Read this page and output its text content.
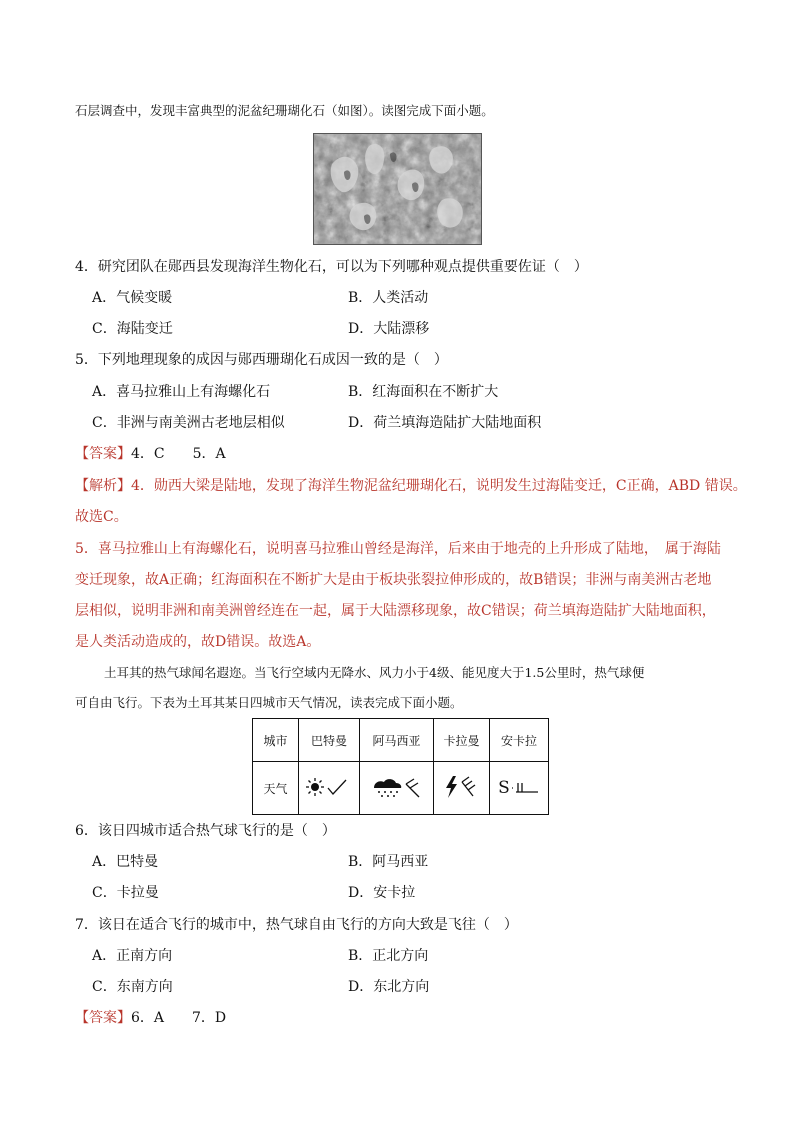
石层调查中，发现丰富典型的泥盆纪珊瑚化石（如图）。读图完成下面小题。
4．研究团队在郧西县发现海洋生物化石，可以为下列哪种观点提供重要佐证（　）
A．气候变暖	B．人类活动
C．海陆变迁	D．大陆漂移
5．下列地理现象的成因与郧西珊瑚化石成因一致的是（　）
A．喜马拉雅山上有海螺化石	B．红海面积在不断扩大
C．非洲与南美洲古老地层相似	D．荷兰填海造陆扩大陆地面积
【答案】4．C　　5．A
【解析】4．勋西大梁是陆地，发现了海洋生物泥盆纪珊瑚化石，说明发生过海陆变迁，C正确，ABD 错误。
故选C。
5．喜马拉雅山上有海螺化石，说明喜马拉雅山曾经是海洋，后来由于地壳的上升形成了陆地，　属于海陆
变迁现象，故A正确；红海面积在不断扩大是由于板块张裂拉伸形成的，故B错误；非洲与南美洲古老地
层相似，说明非洲和南美洲曾经连在一起，属于大陆漂移现象，故C错误；荷兰填海造陆扩大陆地面积，
是人类活动造成的，故D错误。故选A。
土耳其的热气球闻名遐迩。当飞行空域内无降水、风力小于4级、能见度大于1.5公里时，热气球便
可自由飞行。下表为土耳其某日四城市天气情况，读表完成下面小题。
城市	巴特曼	阿马西亚	卡拉曼	安卡拉
天气				S
6．该日四城市适合热气球飞行的是（　）
A．巴特曼	B．阿马西亚
C．卡拉曼	D．安卡拉
7．该日在适合飞行的城市中，热气球自由飞行的方向大致是飞往（　）
A．正南方向	B．正北方向
C．东南方向	D．东北方向
【答案】6．A　　7．D
